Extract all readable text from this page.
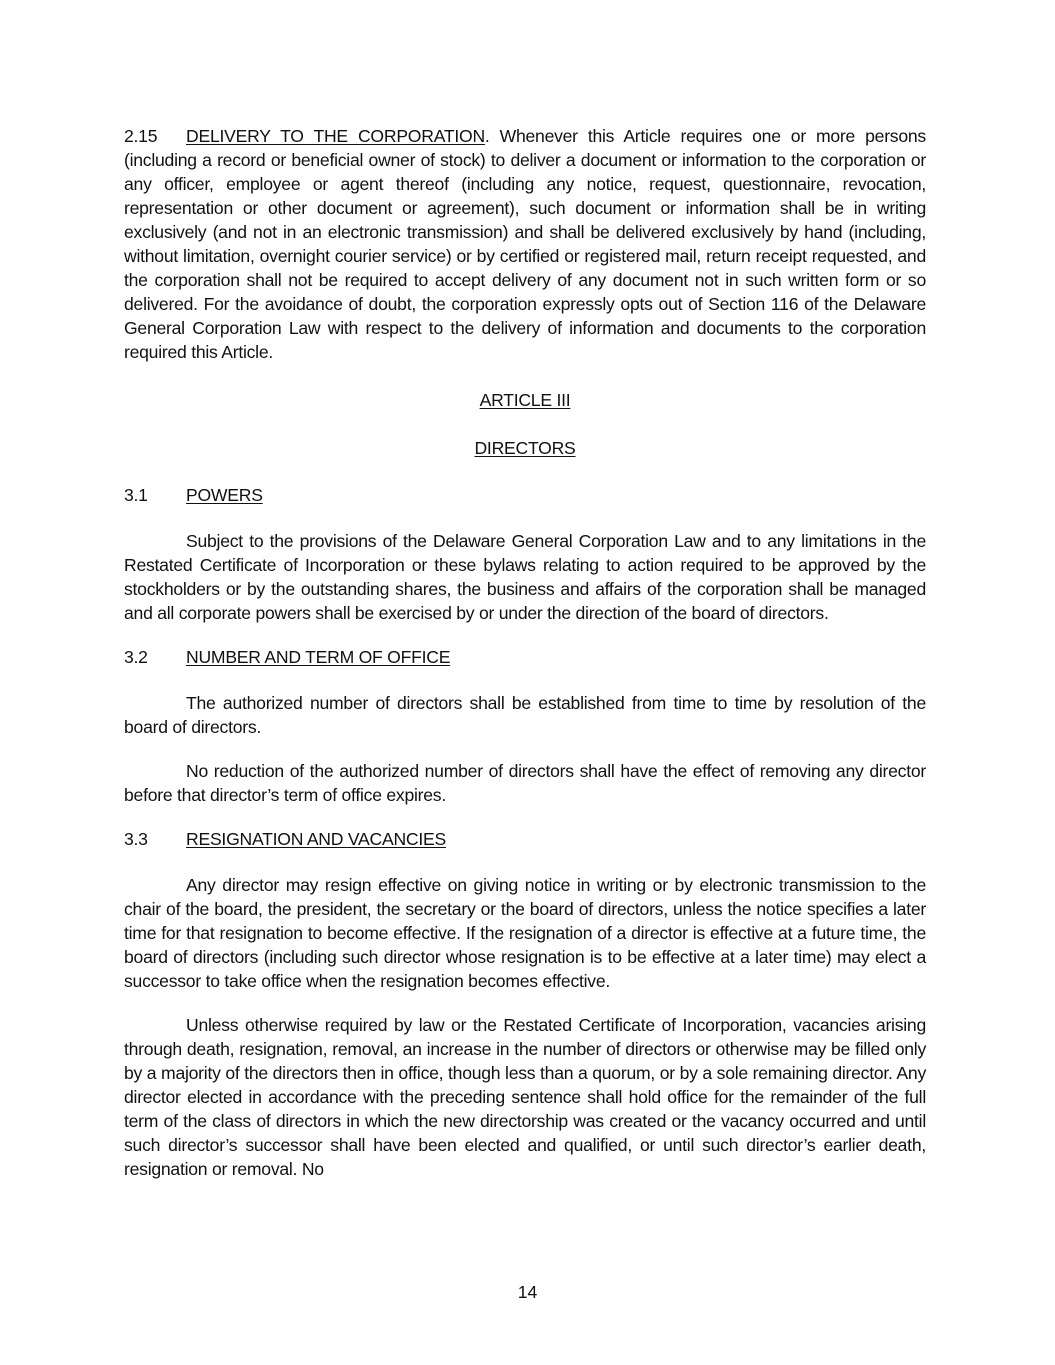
2.15 DELIVERY TO THE CORPORATION. Whenever this Article requires one or more persons (including a record or beneficial owner of stock) to deliver a document or information to the corporation or any officer, employee or agent thereof (including any notice, request, questionnaire, revocation, representation or other document or agreement), such document or information shall be in writing exclusively (and not in an electronic transmission) and shall be delivered exclusively by hand (including, without limitation, overnight courier service) or by certified or registered mail, return receipt requested, and the corporation shall not be required to accept delivery of any document not in such written form or so delivered. For the avoidance of doubt, the corporation expressly opts out of Section 116 of the Delaware General Corporation Law with respect to the delivery of information and documents to the corporation required this Article.

ARTICLE III

DIRECTORS

3.1 POWERS

Subject to the provisions of the Delaware General Corporation Law and to any limitations in the Restated Certificate of Incorporation or these bylaws relating to action required to be approved by the stockholders or by the outstanding shares, the business and affairs of the corporation shall be managed and all corporate powers shall be exercised by or under the direction of the board of directors.

3.2 NUMBER AND TERM OF OFFICE

The authorized number of directors shall be established from time to time by resolution of the board of directors.

No reduction of the authorized number of directors shall have the effect of removing any director before that director’s term of office expires.

3.3 RESIGNATION AND VACANCIES

Any director may resign effective on giving notice in writing or by electronic transmission to the chair of the board, the president, the secretary or the board of directors, unless the notice specifies a later time for that resignation to become effective. If the resignation of a director is effective at a future time, the board of directors (including such director whose resignation is to be effective at a later time) may elect a successor to take office when the resignation becomes effective.

Unless otherwise required by law or the Restated Certificate of Incorporation, vacancies arising through death, resignation, removal, an increase in the number of directors or otherwise may be filled only by a majority of the directors then in office, though less than a quorum, or by a sole remaining director. Any director elected in accordance with the preceding sentence shall hold office for the remainder of the full term of the class of directors in which the new directorship was created or the vacancy occurred and until such director’s successor shall have been elected and qualified, or until such director’s earlier death, resignation or removal. No

14
